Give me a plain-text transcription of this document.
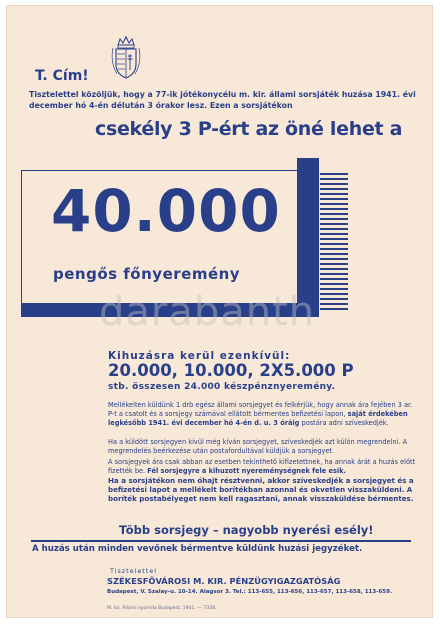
T. Cím!
Tisztelettel közöljük, hogy a 77-ik jótékonycélu m. kir. állami sorsjáték huzása 1941. évi december hó 4-én délután 3 órakor lesz. Ezen a sorsjátékon
csekély 3 P-ért az öné lehet a
40.000
pengős főnyeremény
darabanth
Kihuzásra kerül ezenkívül:
20.000, 10.000, 2X5.000 P
stb. összesen 24.000 készpénznyeremény.
Mellékelten küldünk 1 drb egész állami sorsjegyet és felkérjük, hogy annak ára fejében 3 ar. P-t a csatolt és a sorsjegy számával ellátott bérmentes befizetési lapon, saját érdekében legkésőbb 1941. évi december hó 4-én d. u. 3 óráig postára adni szíveskedjék.
Ha a küldött sorsjegyen kívül még kíván sorsjegyet, szíveskedjék azt külön megrendelni. A megrendelés beérkezése után postafordultával küldjük a sorsjegyet.
A sorsjegyek ára csak abban az esetben tekinthető kifizetettnek, ha annak árát a huzás előtt fizették be. Fél sorsjegyre a kihuzott nyereménységnek fele esik.
Ha a sorsjátékon nem óhajt résztvenni, akkor szíveskedjék a sorsjegyet és a befizetési lapot a mellékelt borítékban azonnal és okvetlen visszaküldeni. A boríték postabélyeget nem kell ragasztani, annak visszaküldése bérmentes.
Több sorsjegy – nagyobb nyerési esély!
A huzás után minden vevőnek bérmentve küldünk huzási jegyzéket.
Tisztelettel
SZÉKESFŐVÁROSI M. KIR. PÉNZÜGYIGAZGATÓSÁG
Budapest, V. Szalay-u. 10-14. Alagsor 3. Tel.: 113-655, 113-656, 113-657, 113-658, 113-659.
M. kir. Állami nyomda Budapest. 1941. — 7328.
